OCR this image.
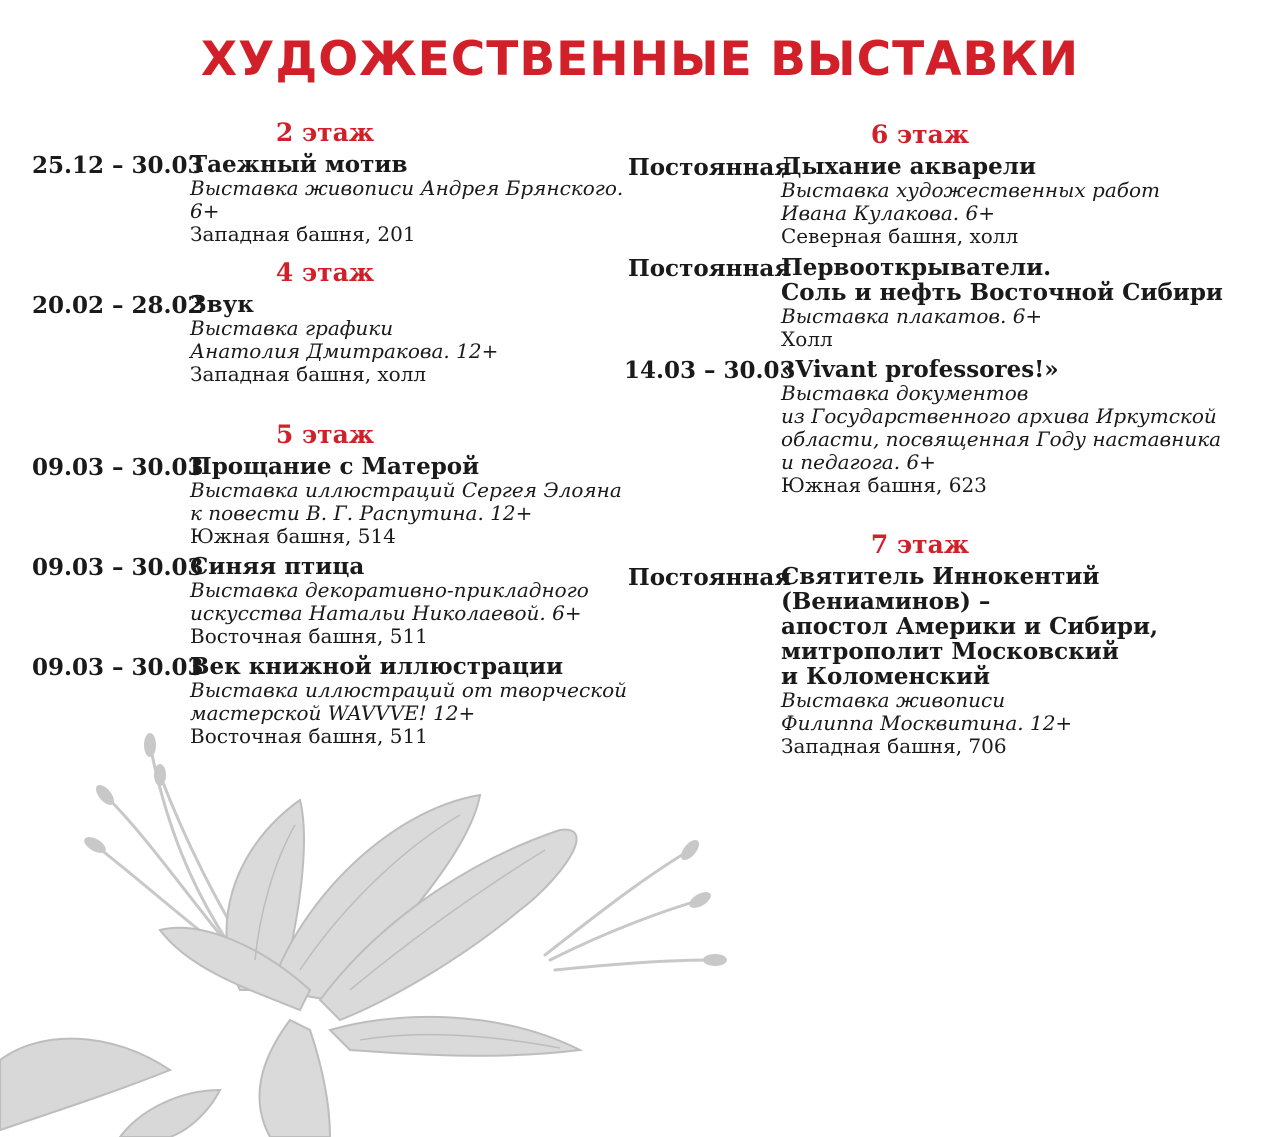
ХУДОЖЕСТВЕННЫЕ ВЫСТАВКИ
2 этаж
25.12 – 30.03
Таежный мотив
Выставка живописи Андрея Брянского. 6+
Западная башня, 201
4 этаж
20.02 – 28.02
Звук
Выставка графики
Анатолия Дмитракова. 12+
Западная башня, холл
5 этаж
09.03 – 30.03
Прощание с Матерой
Выставка иллюстраций Сергея Элояна
к повести В. Г. Распутина. 12+
Южная башня, 514
09.03 – 30.03
Синяя птица
Выставка декоративно-прикладного
искусства Натальи Николаевой. 6+
Восточная башня, 511
09.03 – 30.03
Век книжной иллюстрации
Выставка иллюстраций от творческой
мастерской WAVVVE! 12+
Восточная башня, 511
6 этаж
Постоянная
Дыхание акварели
Выставка художественных работ
Ивана Кулакова. 6+
Северная башня, холл
Постоянная
Первооткрыватели.
Соль и нефть Восточной Сибири
Выставка плакатов. 6+
Холл
14.03 – 30.03
«Vivant professores!»
Выставка документов
из Государственного архива Иркутской
области, посвященная Году наставника
и педагога. 6+
Южная башня, 623
7 этаж
Постоянная
Святитель Иннокентий
(Вениаминов) –
апостол Америки и Сибири,
митрополит Московский
и Коломенский
Выставка живописи
Филиппа Москвитина. 12+
Западная башня, 706
